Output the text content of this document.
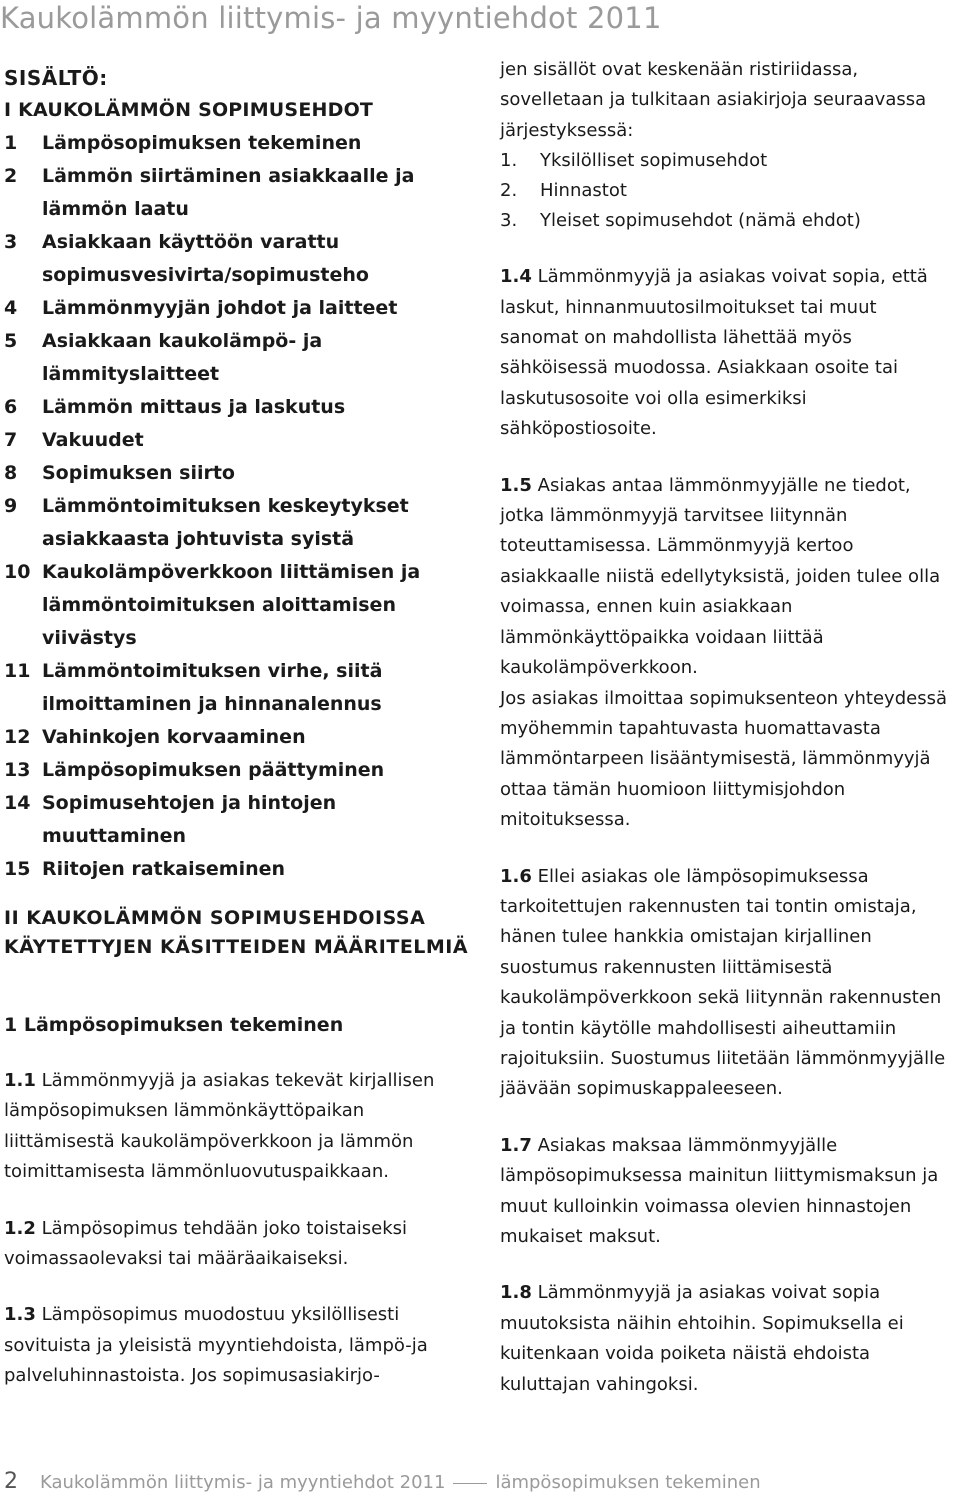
Kaukolämmön liittymis- ja myyntiehdot 2011
SISÄLTÖ:
I KAUKOLÄMMÖN SOPIMUSEHDOT
1	Lämpösopimuksen tekeminen
2	Lämmön siirtäminen asiakkaalle ja lämmön laatu
3	Asiakkaan käyttöön varattu sopimusvesivirta/sopimusteho
4	Lämmönmyyjän johdot ja laitteet
5	Asiakkaan kaukolämpö- ja lämmityslaitteet
6	Lämmön mittaus ja laskutus
7	Vakuudet
8	Sopimuksen siirto
9	Lämmöntoimituksen keskeytykset asiakkaasta johtuvista syistä
10 Kaukolämpöverkkoon liittämisen ja lämmöntoimituksen aloittamisen viivästys
11 Lämmöntoimituksen virhe, siitä ilmoittaminen ja hinnanalennus
12 Vahinkojen korvaaminen
13 Lämpösopimuksen päättyminen
14 Sopimusehtojen ja hintojen muuttaminen
15 Riitojen ratkaiseminen
II KAUKOLÄMMÖN SOPIMUSEHDOISSA KÄYTETTYJEN KÄSITTEIDEN MÄÄRITELMIÄ
1 Lämpösopimuksen tekeminen

1.1 Lämmönmyyjä ja asiakas tekevät kirjallisen lämpösopimuksen lämmönkäyttöpaikan liittämisestä kaukolämpöverkkoon ja lämmön toimittamisesta lämmönluovutuspaikkaan.

1.2 Lämpösopimus tehdään joko toistaiseksi voimassaolevaksi tai määräaikaiseksi.

1.3 Lämpösopimus muodostuu yksilöllisesti sovituista ja yleisistä myyntiehdoista, lämpö-ja palveluhinnastoista. Jos sopimusasiakirjo-

jen sisällöt ovat keskenään ristiriidassa, sovelletaan ja tulkitaan asiakirjoja seuraavassa järjestyksessä:

1.	Yksilölliset sopimusehdot
2.	Hinnastot
3.	Yleiset sopimusehdot (nämä ehdot)

1.4 Lämmönmyyjä ja asiakas voivat sopia, että laskut, hinnanmuutosilmoitukset tai muut sanomat on mahdollista lähettää myös sähköisessä muodossa. Asiakkaan osoite tai laskutusosoite voi olla esimerkiksi sähköpostiosoite.

1.5 Asiakas antaa lämmönmyyjälle ne tiedot, jotka lämmönmyyjä tarvitsee liitynnän toteuttamisessa. Lämmönmyyjä kertoo asiakkaalle niistä edellytyksistä, joiden tulee olla voimassa, ennen kuin asiakkaan lämmönkäyttöpaikka voidaan liittää kaukolämpöverkkoon.

Jos asiakas ilmoittaa sopimuksenteon yhteydessä myöhemmin tapahtuvasta huomattavasta lämmöntarpeen lisääntymisestä, lämmönmyyjä ottaa tämän huomioon liittymisjohdon mitoituksessa.

1.6 Ellei asiakas ole lämpösopimuksessa tarkoitettujen rakennusten tai tontin omistaja, hänen tulee hankkia omistajan kirjallinen suostumus rakennusten liittämisestä kaukolämpöverkkoon sekä liitynnän rakennusten ja tontin käytölle mahdollisesti aiheuttamiin rajoituksiin. Suostumus liitetään lämmönmyyjälle jäävään sopimuskappaleeseen.

1.7 Asiakas maksaa lämmönmyyjälle lämpösopimuksessa mainitun liittymismaksun ja muut kulloinkin voimassa olevien hinnastojen mukaiset maksut.

1.8 Lämmönmyyjä ja asiakas voivat sopia muutoksista näihin ehtoihin. Sopimuksella ei kuitenkaan voida poiketa näistä ehdoista kuluttajan vahingoksi.

2 Kaukolämmön liittymis- ja myyntiehdot 2011	lämpösopimuksen tekeminen
